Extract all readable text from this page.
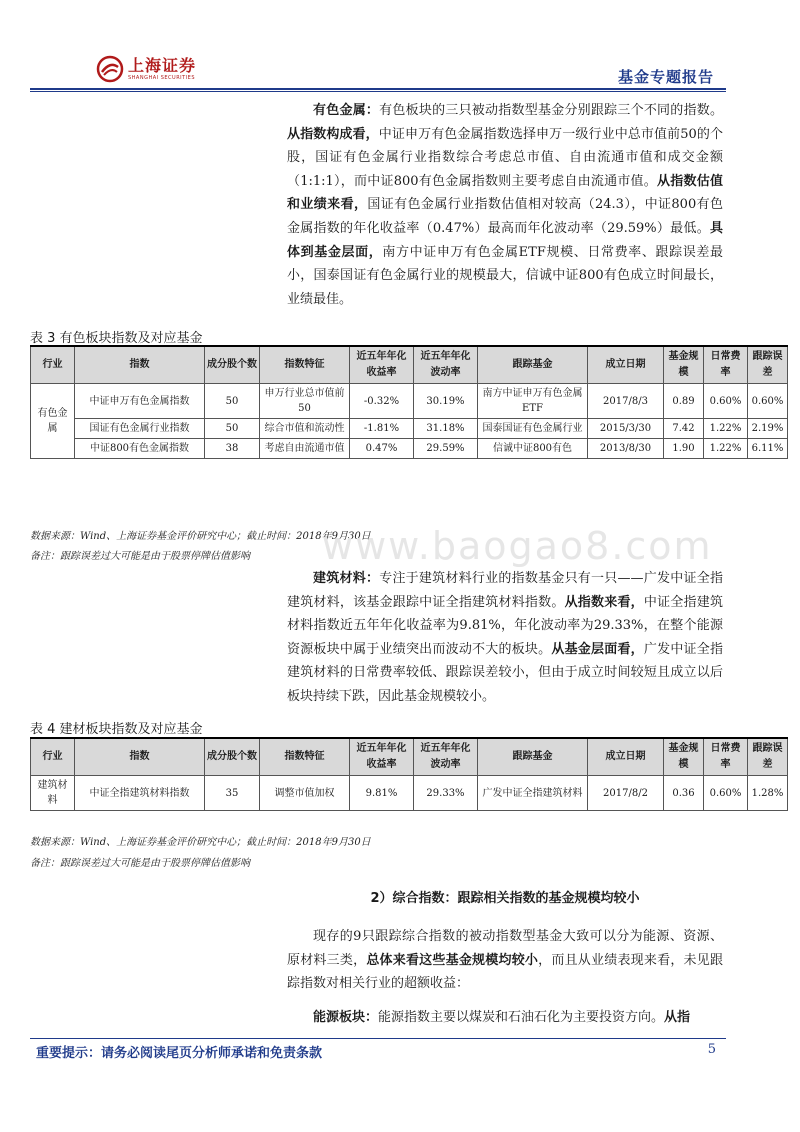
上海证券
SHANGHAI SECURITIES	基金专题报告

有色金属：有色板块的三只被动指数型基金分别跟踪三个不同的指数。从指数构成看，中证申万有色金属指数选择申万一级行业中总市值前50的个股，国证有色金属行业指数综合考虑总市值、自由流通市值和成交金额（1:1:1），而中证800有色金属指数则主要考虑自由流通市值。从指数估值和业绩来看，国证有色金属行业指数估值相对较高（24.3），中证800有色金属指数的年化收益率（0.47%）最高而年化波动率（29.59%）最低。具体到基金层面，南方中证申万有色金属ETF规模、日常费率、跟踪误差最小，国泰国证有色金属行业的规模最大，信诚中证800有色成立时间最长，业绩最佳。

表 3 有色板块指数及对应基金
行业	指数	成分股个数	指数特征	近五年年化收益率	近五年年化波动率	跟踪基金	成立日期	基金规模	日常费率	跟踪误差
有色金属	中证申万有色金属指数	50	申万行业总市值前50	-0.32%	30.19%	南方中证申万有色金属ETF	2017/8/3	0.89	0.60%	0.60%
	国证有色金属行业指数	50	综合市值和流动性	-1.81%	31.18%	国泰国证有色金属行业	2015/3/30	7.42	1.22%	2.19%
	中证800有色金属指数	38	考虑自由流通市值	0.47%	29.59%	信诚中证800有色	2013/8/30	1.90	1.22%	6.11%
数据来源：Wind、上海证券基金评价研究中心；截止时间：2018年9月30日
备注：跟踪误差过大可能是由于股票停牌估值影响 www.baogao8.com

建筑材料：专注于建筑材料行业的指数基金只有一只——广发中证全指建筑材料，该基金跟踪中证全指建筑材料指数。从指数来看，中证全指建筑材料指数近五年年化收益率为9.81%，年化波动率为29.33%，在整个能源资源板块中属于业绩突出而波动不大的板块。从基金层面看，广发中证全指建筑材料的日常费率较低、跟踪误差较小，但由于成立时间较短且成立以后板块持续下跌，因此基金规模较小。

表 4 建材板块指数及对应基金
行业	指数	成分股个数	指数特征	近五年年化收益率	近五年年化波动率	跟踪基金	成立日期	基金规模	日常费率	跟踪误差
建筑材料	中证全指建筑材料指数	35	调整市值加权	9.81%	29.33%	广发中证全指建筑材料	2017/8/2	0.36	0.60%	1.28%
数据来源：Wind、上海证券基金评价研究中心；截止时间：2018年9月30日
备注：跟踪误差过大可能是由于股票停牌估值影响
2）综合指数：跟踪相关指数的基金规模均较小

现存的9只跟踪综合指数的被动指数型基金大致可以分为能源、资源、原材料三类，总体来看这些基金规模均较小，而且从业绩表现来看，未见跟踪指数对相关行业的超额收益：

能源板块：能源指数主要以煤炭和石油石化为主要投资方向。从指

重要提示：请务必阅读尾页分析师承诺和免责条款	5
